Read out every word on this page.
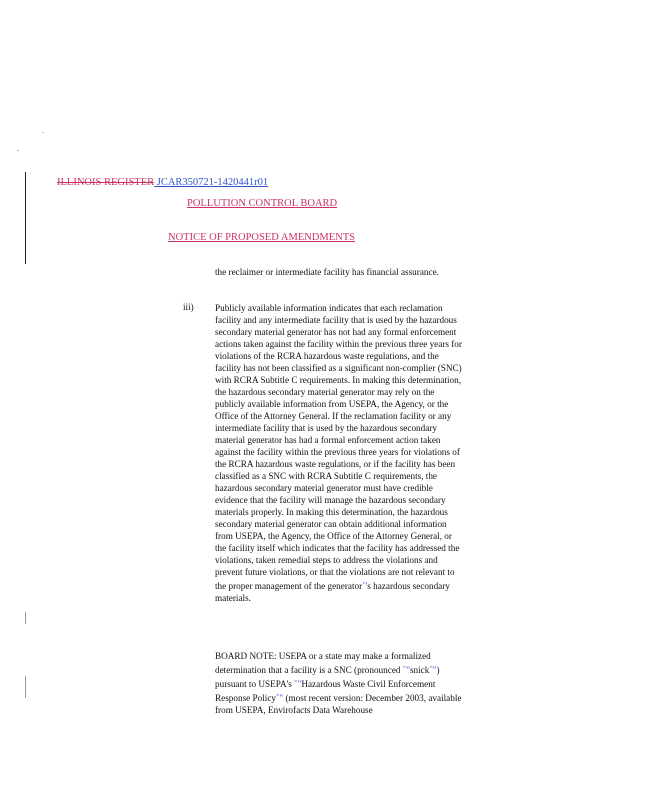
ILLINOIS REGISTER JCAR350721-1420441r01
POLLUTION CONTROL BOARD
NOTICE OF PROPOSED AMENDMENTS

the reclaimer or intermediate facility has financial assurance.

iii) Publicly available information indicates that each reclamation facility and any intermediate facility that is used by the hazardous secondary material generator has not had any formal enforcement actions taken against the facility within the previous three years for violations of the RCRA hazardous waste regulations, and the facility has not been classified as a significant non-complier (SNC) with RCRA Subtitle C requirements. In making this determination, the hazardous secondary material generator may rely on the publicly available information from USEPA, the Agency, or the Office of the Attorney General. If the reclamation facility or any intermediate facility that is used by the hazardous secondary material generator has had a formal enforcement action taken against the facility within the previous three years for violations of the RCRA hazardous waste regulations, or if the facility has been classified as a SNC with RCRA Subtitle C requirements, the hazardous secondary material generator must have credible evidence that the facility will manage the hazardous secondary materials properly. In making this determination, the hazardous secondary material generator can obtain additional information from USEPA, the Agency, the Office of the Attorney General, or the facility itself which indicates that the facility has addressed the violations, taken remedial steps to address the violations and prevent future violations, or that the violations are not relevant to the proper management of the generator='s hazardous secondary materials.

BOARD NOTE: USEPA or a state may make a formalized determination that a facility is a SNC (pronounced ="snick=") pursuant to USEPA's ="Hazardous Waste Civil Enforcement Response Policy=" (most recent version: December 2003, available from USEPA, Envirofacts Data Warehouse
